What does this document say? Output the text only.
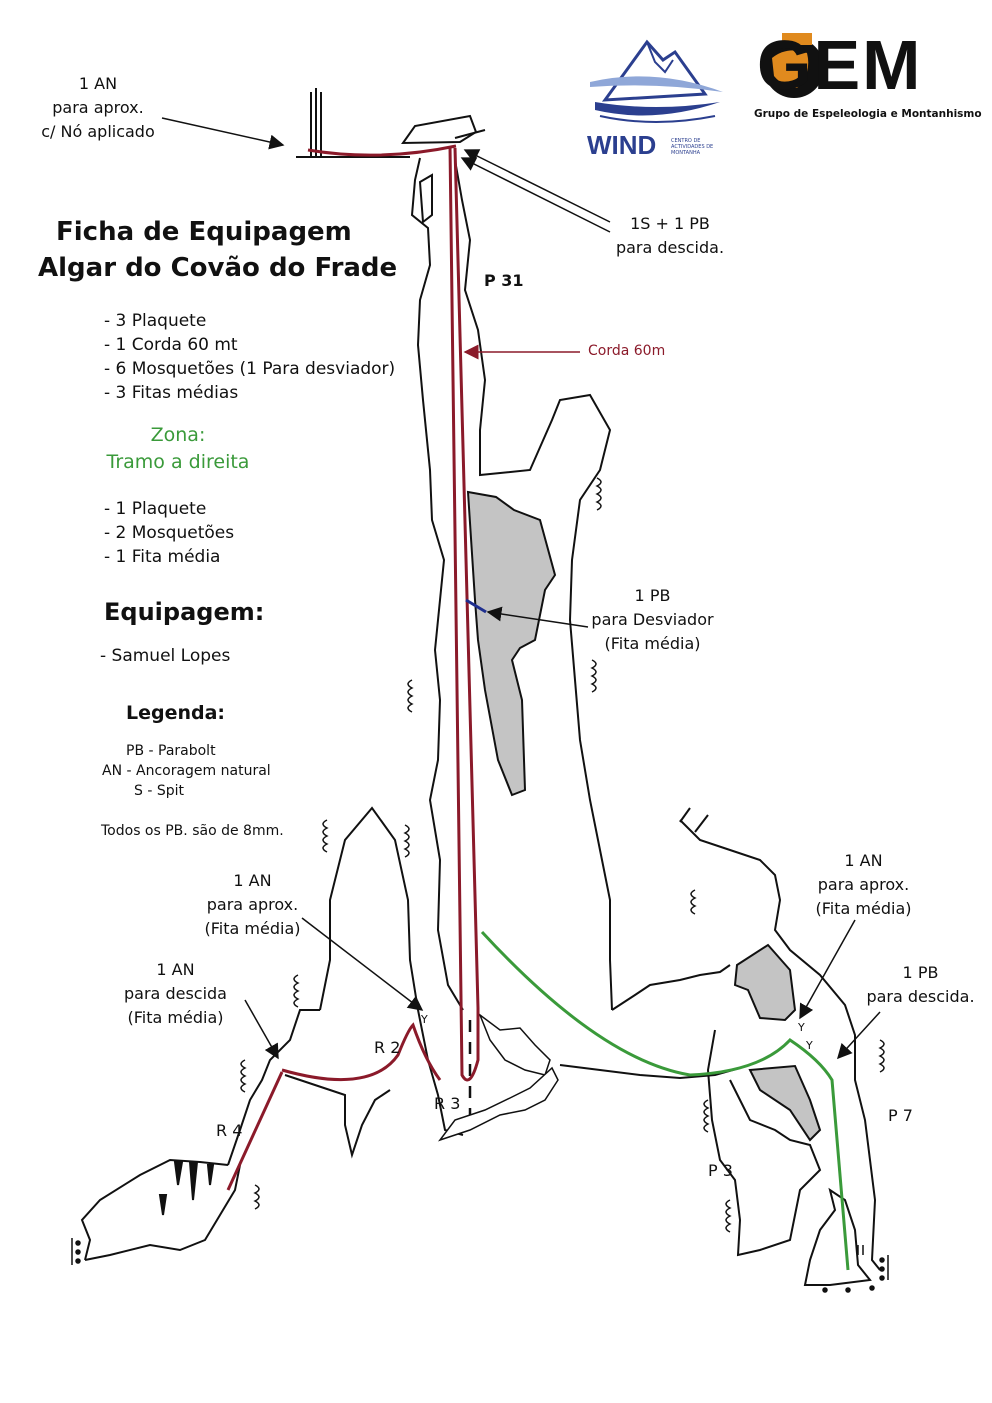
WIND	CENTRO DE ACTIVIDADES DE MONTANHA
GEM
Grupo de Espeleologia e Montanhismo
Ficha de Equipagem
Algar do Covão do Frade
- 3 Plaquete
- 1 Corda 60 mt
- 6 Mosquetões (1 Para desviador)
- 3 Fitas médias
Zona:
Tramo a direita
- 1 Plaquete
- 2 Mosquetões
- 1 Fita média
Equipagem:
- Samuel Lopes
Legenda:
PB - Parabolt
AN - Ancoragem natural
S - Spit
Todos os PB. são de 8mm.
1 AN
para aprox.
c/ Nó aplicado
1S + 1 PB
para descida.
P 31
Corda 60m
1 PB
para Desviador
(Fita média)
1 AN
para aprox.
(Fita média)
1 AN
para descida
(Fita média)
1 AN
para aprox.
(Fita média)
1 PB
para descida.
R 2
R 3
R 4
P 3
P 7
Y
Y
Y
